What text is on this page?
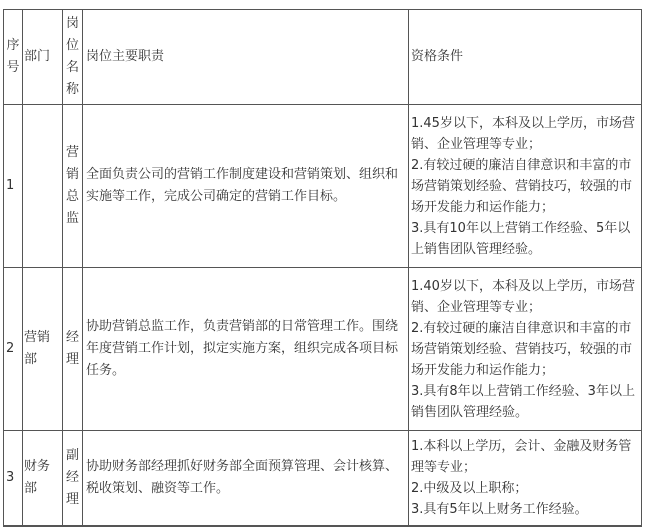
序号	部门	岗位名称	岗位主要职责	资格条件
1		营销总监	全面负责公司的营销工作制度建设和营销策划、组织和实施等工作，完成公司确定的营销工作目标。	1.45岁以下，本科及以上学历，市场营销、企业管理等专业；
2.有较过硬的廉洁自律意识和丰富的市场营销策划经验、营销技巧，较强的市场开发能力和运作能力；
3.具有10年以上营销工作经验、5年以上销售团队管理经验。

2	营销部	经理	协助营销总监工作，负责营销部的日常管理工作。围绕年度营销工作计划，拟定实施方案，组织完成各项目标任务。	1.40岁以下，本科及以上学历，市场营销、企业管理等专业；
2.有较过硬的廉洁自律意识和丰富的市场营销策划经验、营销技巧，较强的市场开发能力和运作能力；
3.具有8年以上营销工作经验、3年以上销售团队管理经验。

3	财务部	副经理	协助财务部经理抓好财务部全面预算管理、会计核算、税收策划、融资等工作。	1.本科以上学历，会计、金融及财务管理等专业；
2.中级及以上职称；
3.具有5年以上财务工作经验。
